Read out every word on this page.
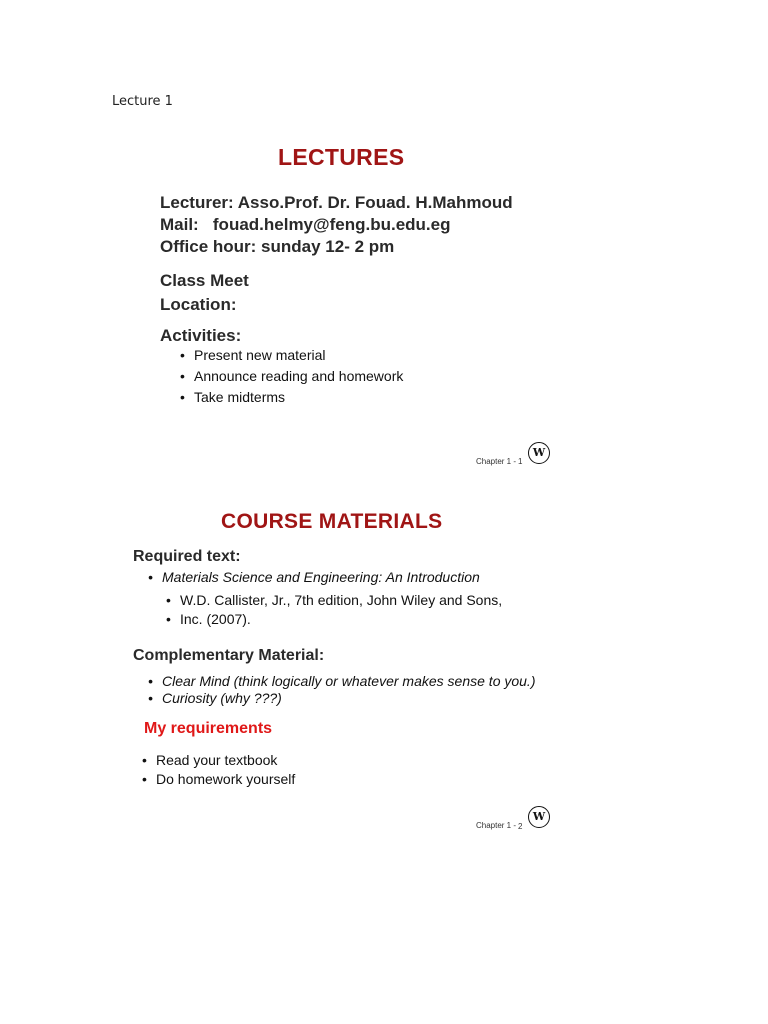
Lecture 1
LECTURES
Lecturer: Asso.Prof. Dr. Fouad. H.Mahmoud
Mail:   fouad.helmy@feng.bu.edu.eg
Office hour: sunday 12- 2 pm
Class Meet
Location:
Activities:
• Present new material
• Announce reading and homework
• Take midterms
Chapter 1 - 1
W
COURSE MATERIALS
Required text:
• Materials Science and Engineering: An Introduction
• W.D. Callister, Jr., 7th edition, John Wiley and Sons,
• Inc. (2007).
Complementary Material:
• Clear Mind (think logically or whatever makes sense to you.)
• Curiosity (why ???)
My requirements
• Read your textbook
• Do homework yourself
Chapter 1 - 2
W
